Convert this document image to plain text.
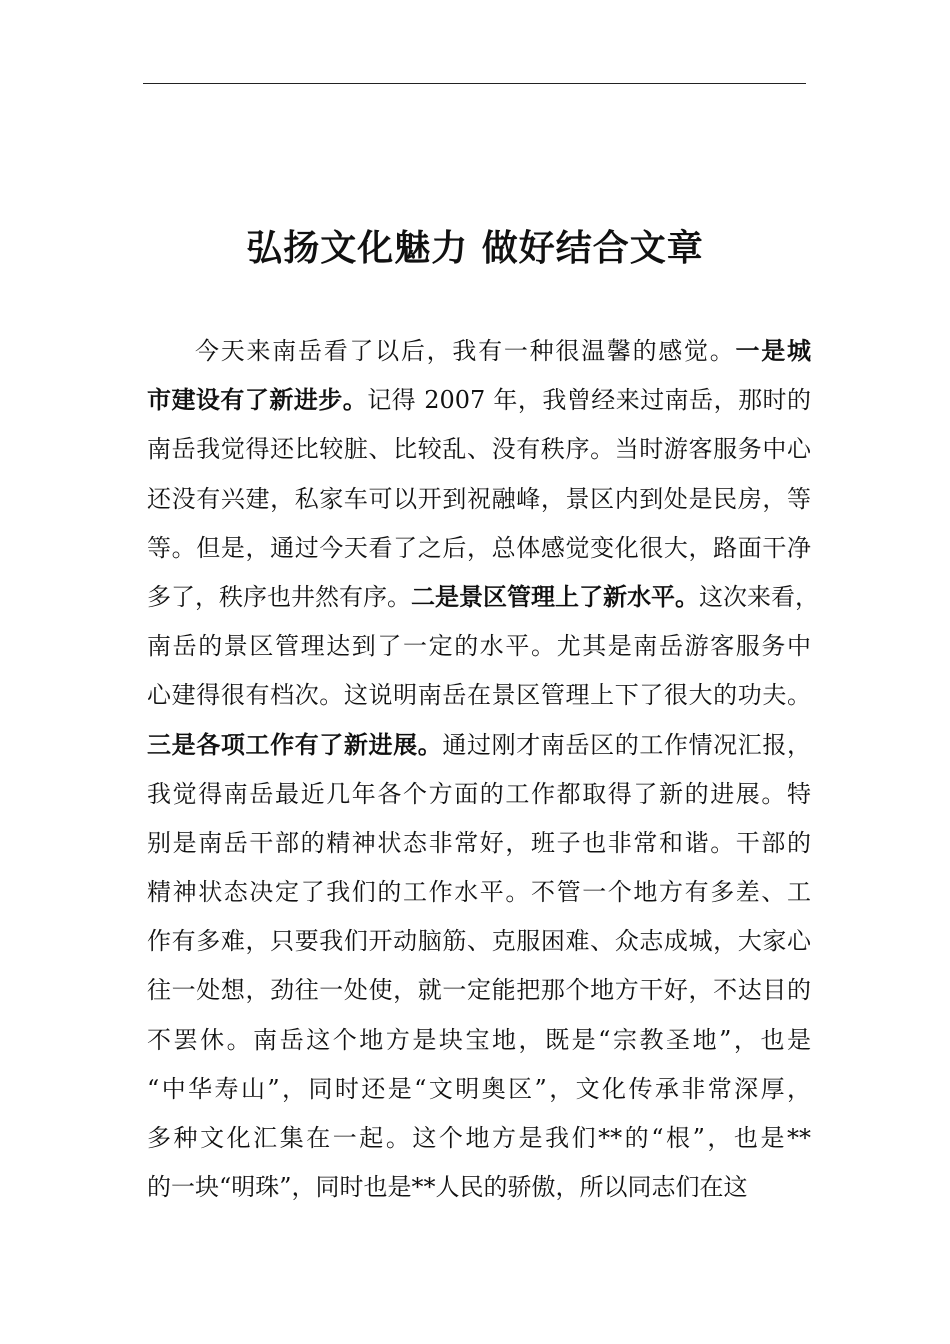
弘扬文化魅力 做好结合文章
今天来南岳看了以后，我有一种很温馨的感觉。一是城
市建设有了新进步。记得 2007 年，我曾经来过南岳，那时的
南岳我觉得还比较脏、比较乱、没有秩序。当时游客服务中心
还没有兴建，私家车可以开到祝融峰，景区内到处是民房，等
等。但是，通过今天看了之后，总体感觉变化很大，路面干净
多了，秩序也井然有序。二是景区管理上了新水平。这次来看，
南岳的景区管理达到了一定的水平。尤其是南岳游客服务中
心建得很有档次。这说明南岳在景区管理上下了很大的功夫。
三是各项工作有了新进展。通过刚才南岳区的工作情况汇报，
我觉得南岳最近几年各个方面的工作都取得了新的进展。特
别是南岳干部的精神状态非常好，班子也非常和谐。干部的
精神状态决定了我们的工作水平。不管一个地方有多差、工
作有多难，只要我们开动脑筋、克服困难、众志成城，大家心
往一处想，劲往一处使，就一定能把那个地方干好，不达目的
不罢休。南岳这个地方是块宝地，既是“宗教圣地”，也是
“中华寿山”，同时还是“文明奥区”，文化传承非常深厚，
多种文化汇集在一起。这个地方是我们**的“根”，也是**
的一块“明珠”，同时也是**人民的骄傲，所以同志们在这
